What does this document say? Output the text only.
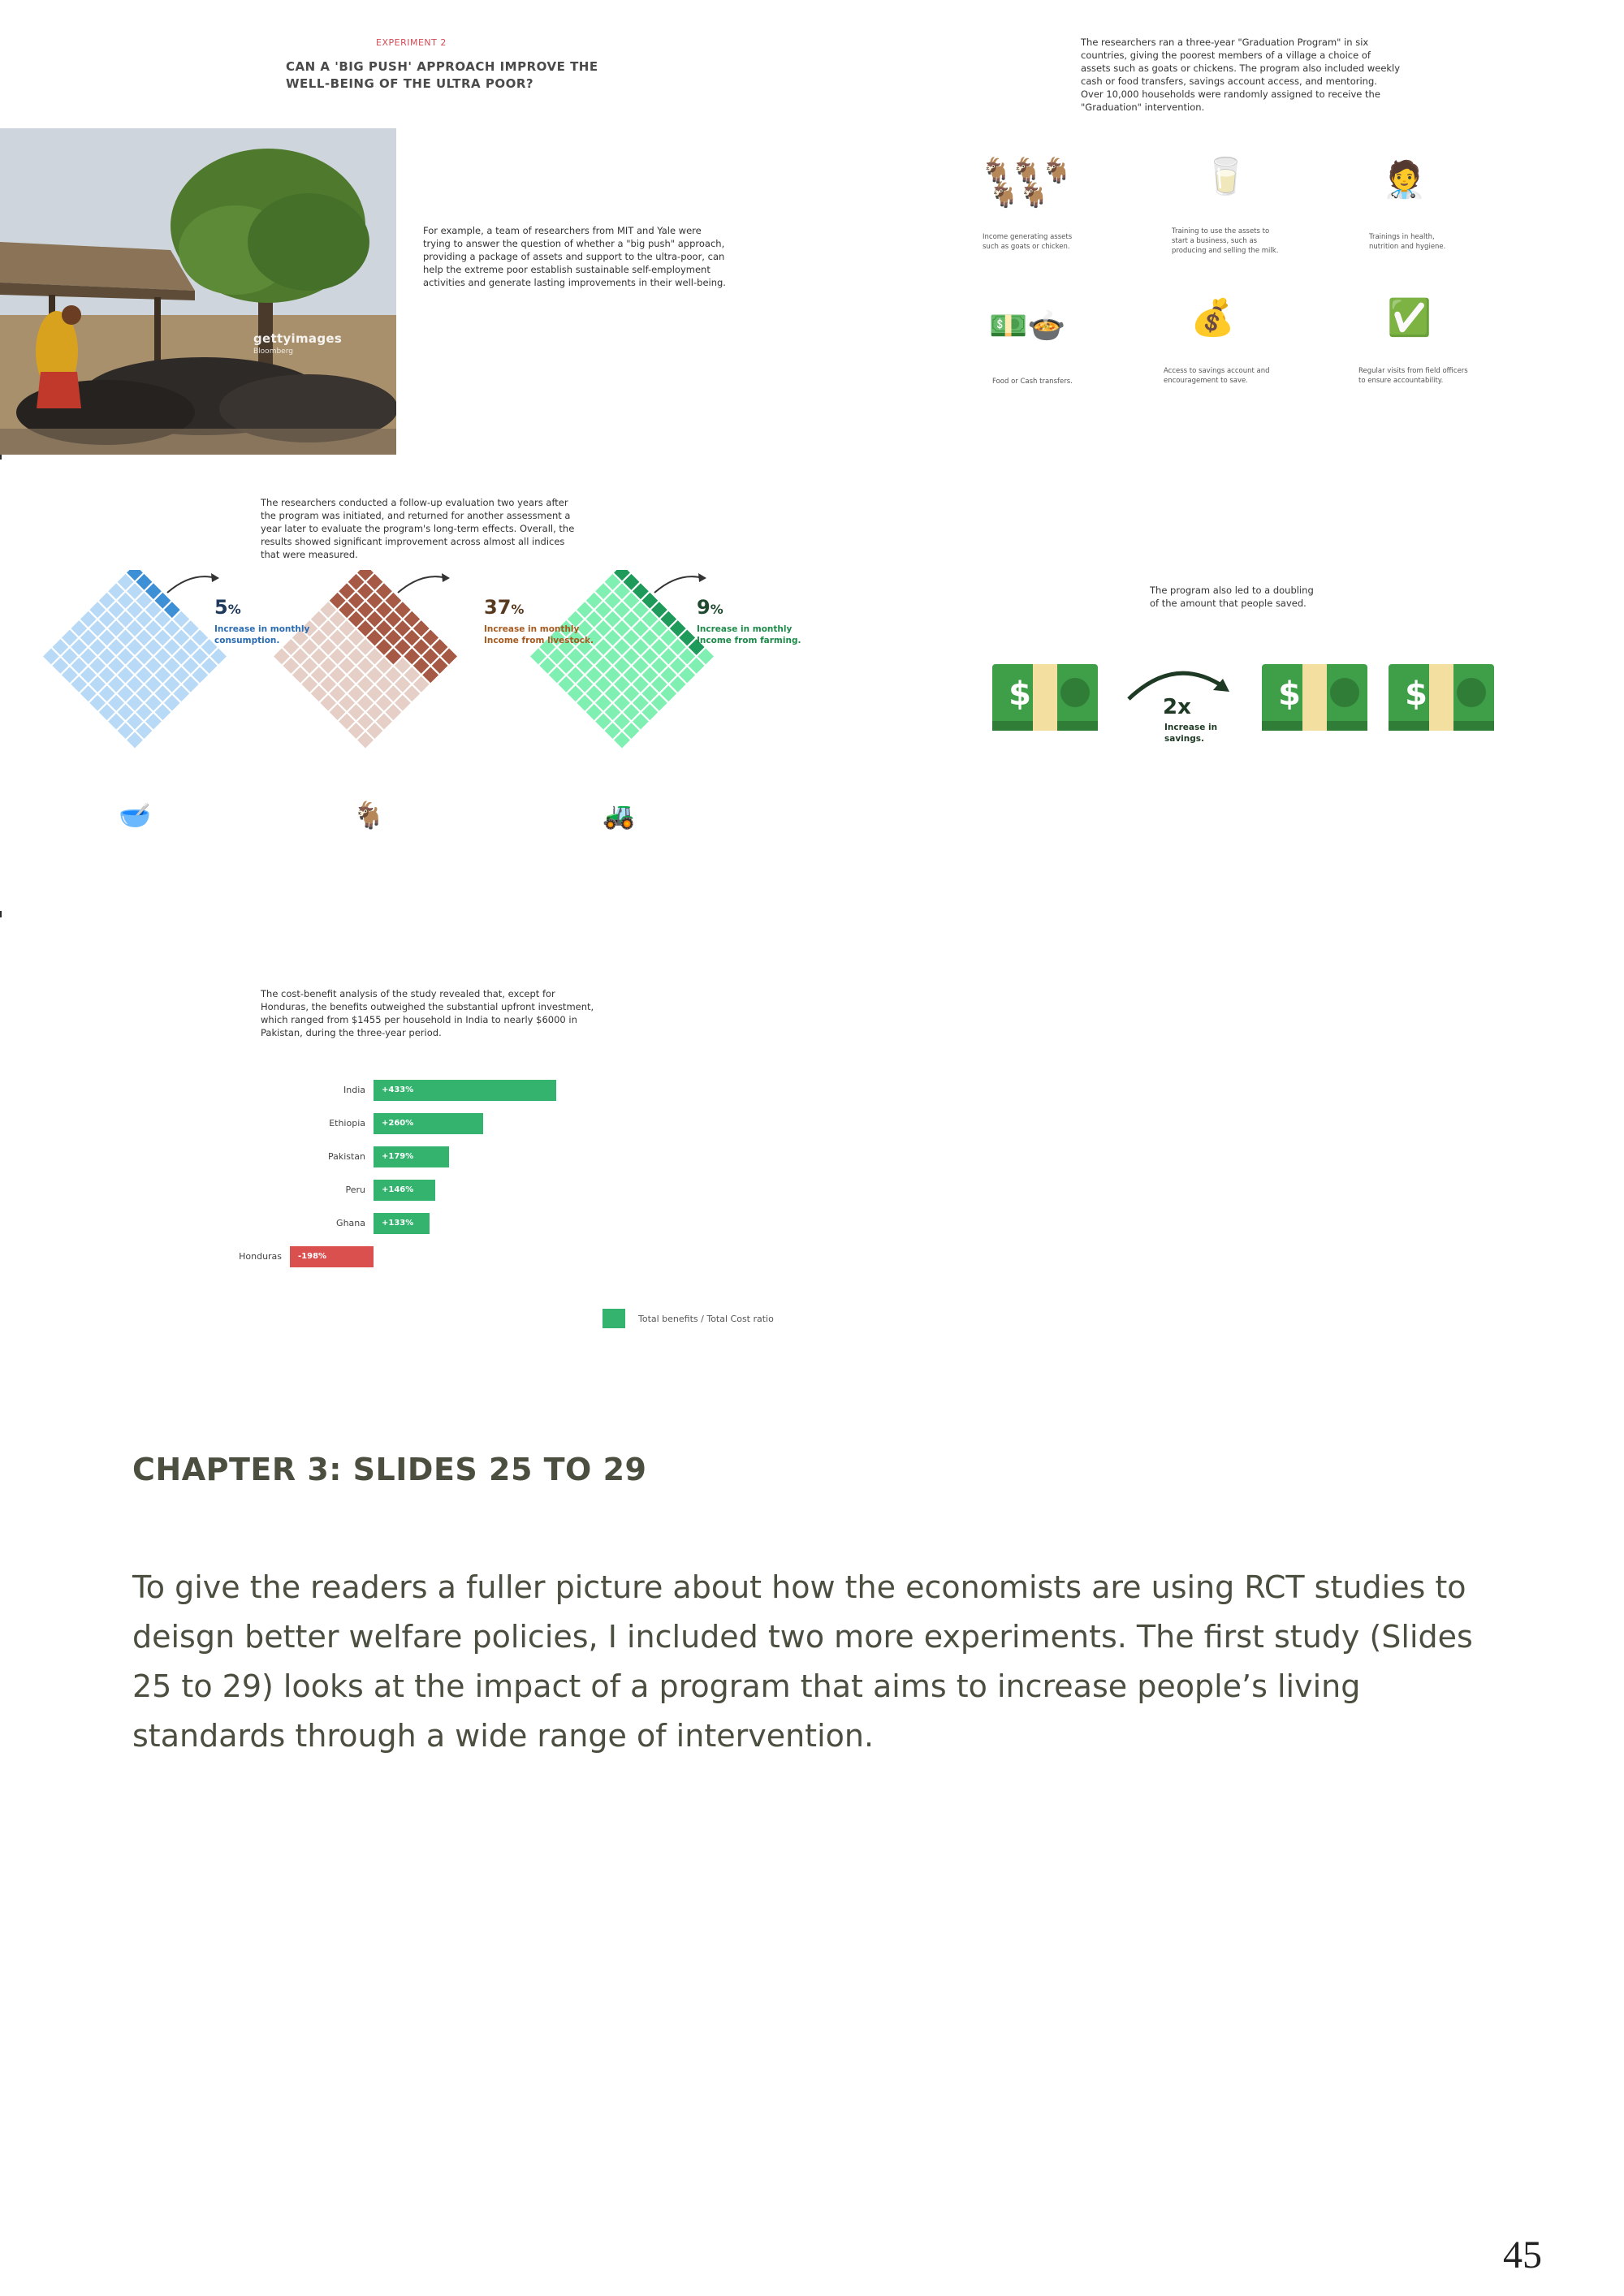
EXPERIMENT 2
CAN A 'BIG PUSH' APPROACH IMPROVE THE
WELL-BEING OF THE ULTRA POOR?
gettyimages
Bloomberg
For example, a team of researchers from MIT and Yale were
trying to answer the question of whether a "big push" approach,
providing a package of assets and support to the ultra-poor, can
help the extreme poor establish sustainable self-employment
activities and generate lasting improvements in their well-being.
The researchers ran a three-year "Graduation Program" in six
countries, giving the poorest members of a village a choice of
assets such as goats or chickens. The program also included weekly
cash or food transfers, savings account access, and mentoring.
Over 10,000 households were randomly assigned to receive the
"Graduation" intervention.
🐐🐐🐐
🐐🐐
Income generating assets
such as goats or chicken.
🥛
Training to use the assets to
start a business, such as
producing and selling the milk.
🧑‍⚕️
Trainings in health,
nutrition and hygiene.
💵🍲
Food or Cash transfers.
💰
Access to savings account and
encouragement to save.
✅
Regular visits from field officers
to ensure accountability.
The researchers conducted a follow-up evaluation two years after
the program was initiated, and returned for another assessment a
year later to evaluate the program's long-term effects. Overall, the
results showed significant improvement across almost all indices
that were measured.
5%
Increase in monthly
consumption.
37%
Increase in monthly
Income from livestock.
9%
Increase in monthly
Income from farming.
🥣	🐐	🚜
The program also led to a doubling
of the amount that people saved.
$	2x
Increase in
savings.
$	$
The cost-benefit analysis of the study revealed that, except for
Honduras, the benefits outweighed the substantial upfront investment,
which ranged from $1455 per household in India to nearly $6000 in
Pakistan, during the three-year period.
India +433%
Ethiopia +260%
Pakistan +179%
Peru +146%
Ghana +133%
Honduras -198%
Total benefits / Total Cost ratio
CHAPTER 3: SLIDES 25 TO 29
To give the readers a fuller picture about how the economists are using RCT studies to deisgn better welfare policies, I included two more experiments. The first study (Slides 25 to 29) looks at the impact of a program that aims to increase people’s living standards through a wide range of intervention.
45
